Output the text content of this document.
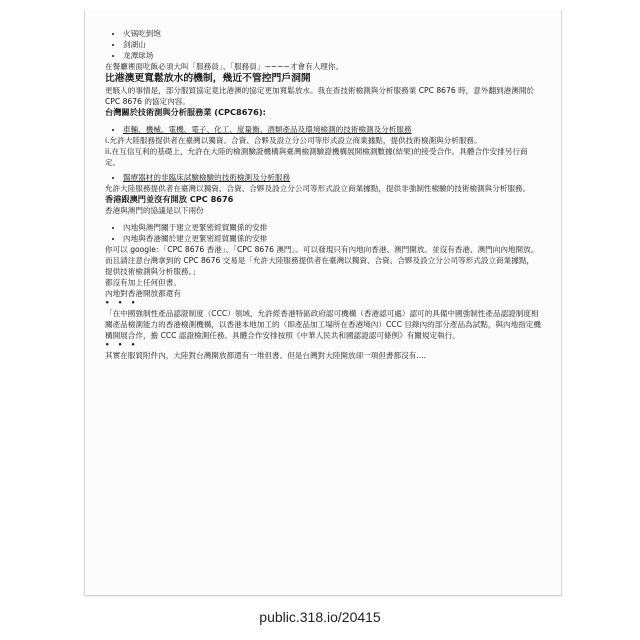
• 火锅吃到饱
• 剑湖山
• 龙潭球场

在餐廳裡面吃飯必須大叫「服務員」、「服務員」~~~~才會有人理你。

比港澳更寬鬆放水的機制，幾近不管控門戶洞開

更駭人的事情是，部分服貿協定竟比港澳的協定更加寬鬆放水。我在查技術檢測與分析服務業 CPC 8676 時，意外翻到港澳開於 CPC 8676 的協定內容。

台灣關於技術測與分析服務業 (CPC8676):

• 車輛、機械、電機、電子、化工、度量衡、酒類產品及環境檢測的技術檢測及分析服務

i.允許大陸服務提供者在臺灣以獨資、合資、合夥及設立分公司等形式設立商業據點，提供技術檢測與分析服務。

ii.在互信互利的基礎上，允許在大陸的檢測驗證機構與臺灣檢測驗證機構展開檢測數據(結果)的接受合作。具體合作安排另行商定。

• 醫療器材的非臨床試驗檢驗的技術檢測及分析服務

允許大陸服務提供者在臺灣以獨資、合資、合夥及設立分公司等形式設立商業據點，提供非強制性檢驗的技術檢測與分析服務。

香港跟澳門並沒有開放 CPC 8676

香港與澳門的協議是以下兩份

• 內地與澳門關于建立更緊密經貿關係的安排
• 內地與香港關於建立更緊密經貿關係的安排

你可以 google：「CPC 8676 香港」、「CPC 8676 澳門」。可以發現只有內地向香港、澳門開放。並沒有香港、澳門向內地開放。

而且請注意台灣拿到的 CPC 8676 交易是「允許大陸服務提供者在臺灣以獨資、合資、合夥及設立分公司等形式設立商業據點，提供技術檢測與分析服務。」

都沒有加上任何但書。

內地對香港開放都還有

• • •

「在中國強制性產品認證制度（CCC）領域，允許經香港特區政府認可機構（香港認可處）認可的具備中國強制性產品認證制度相關產品檢測能力的香港檢測機構，以香港本地加工的（即產品加工場所在香港境內）CCC 目錄內的部分產品為試點，與內地指定機構開展合作，擔 CCC 認證檢測任務。具體合作安排按照《中華人民共和國認證認可條例》有關規定執行。

• • •

其實在服貿附件內，大陸對台灣開放都還有一堆但書。但是台灣對大陸開放卻一項但書都沒有....

public.318.io/20415
